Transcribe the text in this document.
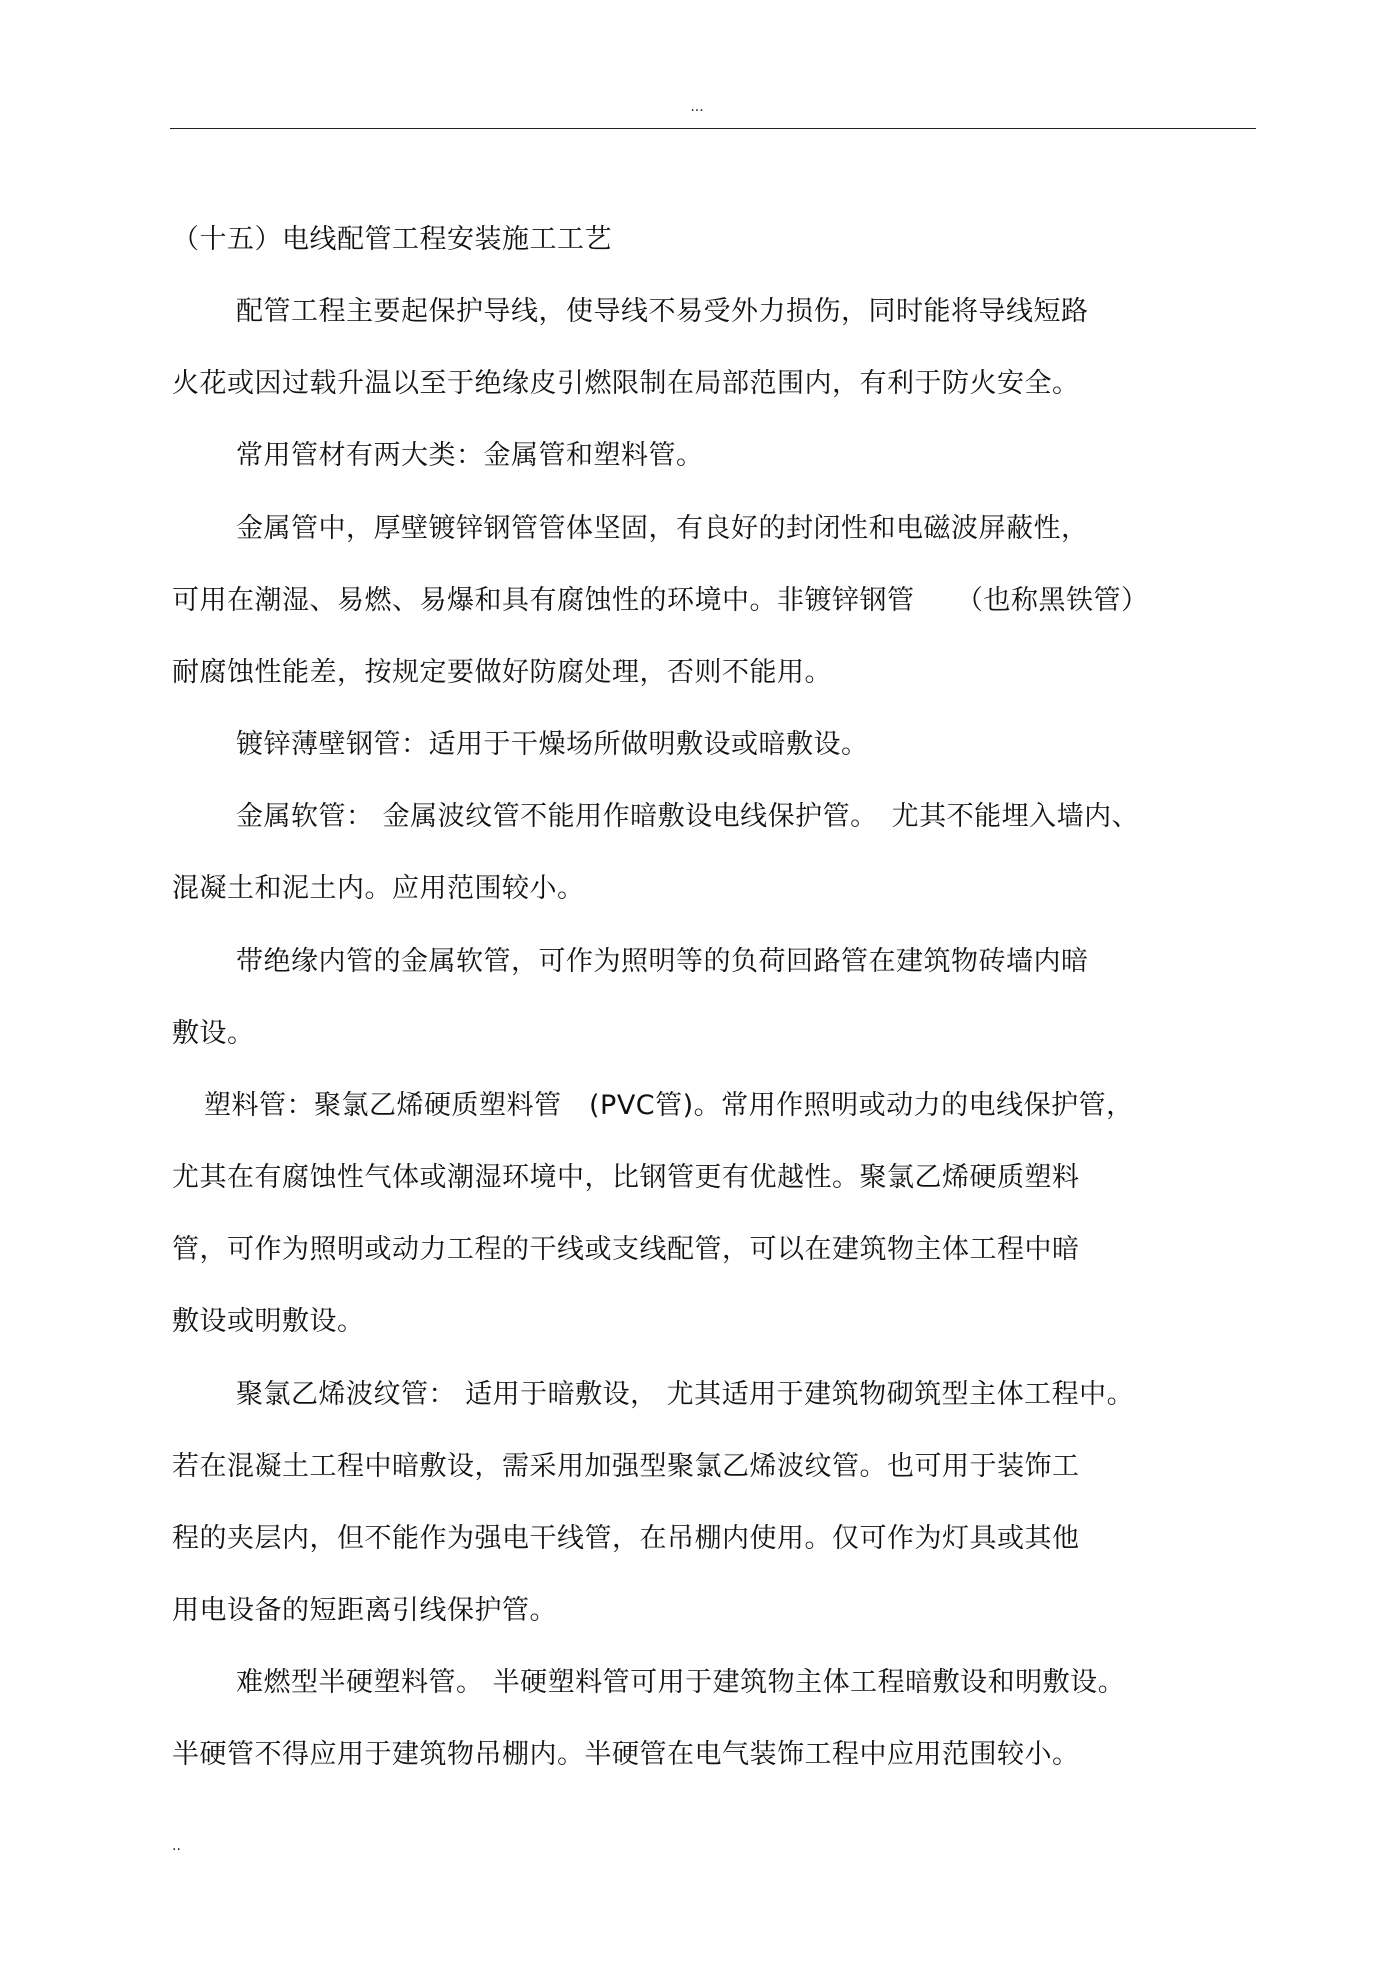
...
（十五）电线配管工程安装施工工艺
配管工程主要起保护导线，使导线不易受外力损伤，同时能将导线短路
火花或因过载升温以至于绝缘皮引燃限制在局部范围内，有利于防火安全。
常用管材有两大类：金属管和塑料管。
金属管中，厚壁镀锌钢管管体坚固，有良好的封闭性和电磁波屏蔽性，
可用在潮湿、易燃、易爆和具有腐蚀性的环境中。非镀锌钢管　　（也称黑铁管）
耐腐蚀性能差，按规定要做好防腐处理，否则不能用。
镀锌薄壁钢管：适用于干燥场所做明敷设或暗敷设。
金属软管： 金属波纹管不能用作暗敷设电线保护管。　尤其不能埋入墙内、
混凝土和泥土内。应用范围较小。
带绝缘内管的金属软管，可作为照明等的负荷回路管在建筑物砖墙内暗
敷设。
塑料管：聚氯乙烯硬质塑料管　(PVC管)。常用作照明或动力的电线保护管，
尤其在有腐蚀性气体或潮湿环境中，比钢管更有优越性。聚氯乙烯硬质塑料
管，可作为照明或动力工程的干线或支线配管，可以在建筑物主体工程中暗
敷设或明敷设。
聚氯乙烯波纹管： 适用于暗敷设， 尤其适用于建筑物砌筑型主体工程中。
若在混凝土工程中暗敷设，需采用加强型聚氯乙烯波纹管。也可用于装饰工
程的夹层内，但不能作为强电干线管，在吊棚内使用。仅可作为灯具或其他
用电设备的短距离引线保护管。
难燃型半硬塑料管。 半硬塑料管可用于建筑物主体工程暗敷设和明敷设。
半硬管不得应用于建筑物吊棚内。半硬管在电气装饰工程中应用范围较小。
..
